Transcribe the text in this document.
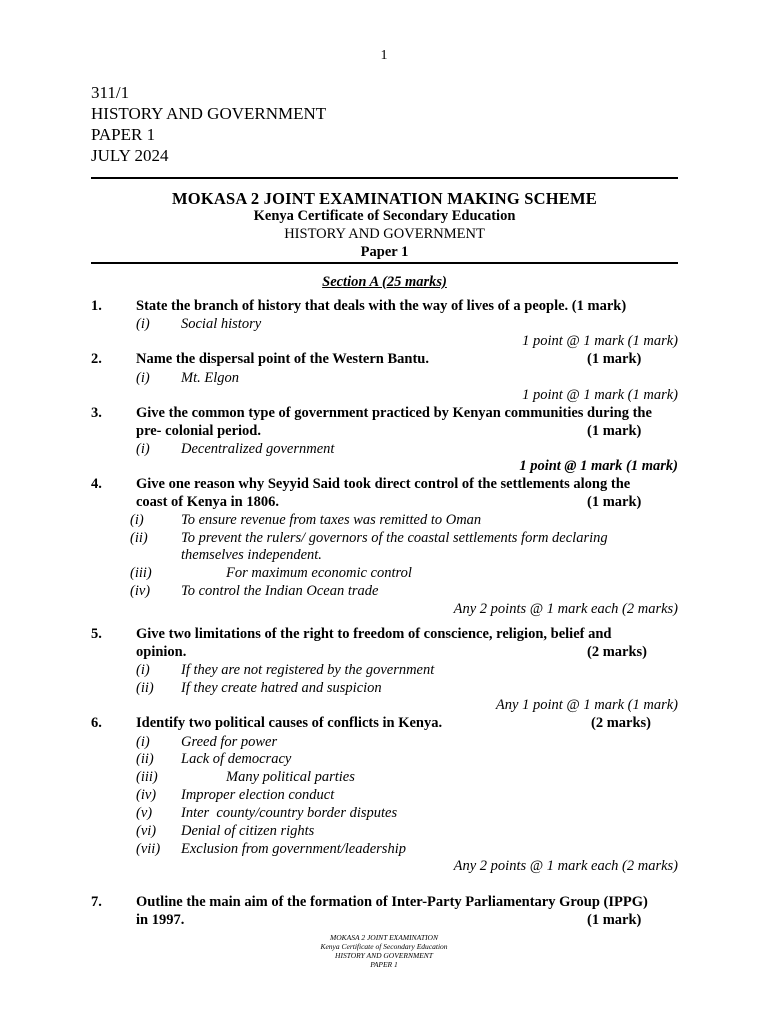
1
311/1
HISTORY AND GOVERNMENT
PAPER 1
JULY 2024
MOKASA 2 JOINT EXAMINATION MAKING SCHEME
Kenya Certificate of Secondary Education
HISTORY AND GOVERNMENT
Paper 1
Section A (25 marks)
1. State the branch of history that deals with the way of lives of a people. (1 mark)
(i) Social history
1 point @ 1 mark (1 mark)
2. Name the dispersal point of the Western Bantu.	(1 mark)
(i) Mt. Elgon
1 point @ 1 mark (1 mark)
3. Give the common type of government practiced by Kenyan communities during the
pre- colonial period.	(1 mark)
(i) Decentralized government
1 point @ 1 mark (1 mark)
4. Give one reason why Seyyid Said took direct control of the settlements along the
coast of Kenya in 1806.	(1 mark)
(i)	To ensure revenue from taxes was remitted to Oman
(ii) To prevent the rulers/ governors of the coastal settlements form declaring
themselves independent.
(iii)	For maximum economic control
(iv) To control the Indian Ocean trade
Any 2 points @ 1 mark each (2 marks)
5. Give two limitations of the right to freedom of conscience, religion, belief and
opinion.	(2 marks)
(i) If they are not registered by the government
(ii) If they create hatred and suspicion
Any 1 point @ 1 mark (1 mark)
6. Identify two political causes of conflicts in Kenya.	(2 marks)
(i) Greed for power
(ii) Lack of democracy
(iii)	Many political parties
(iv) Improper election conduct
(v) Inter  county/country border disputes
(vi) Denial of citizen rights
(vii) Exclusion from government/leadership
Any 2 points @ 1 mark each (2 marks)
7. Outline the main aim of the formation of Inter-Party Parliamentary Group (IPPG)
in 1997.	(1 mark)
MOKASA 2 JOINT EXAMINATION
Kenya Certificate of Secondary Education
HISTORY AND GOVERNMENT
PAPER 1
